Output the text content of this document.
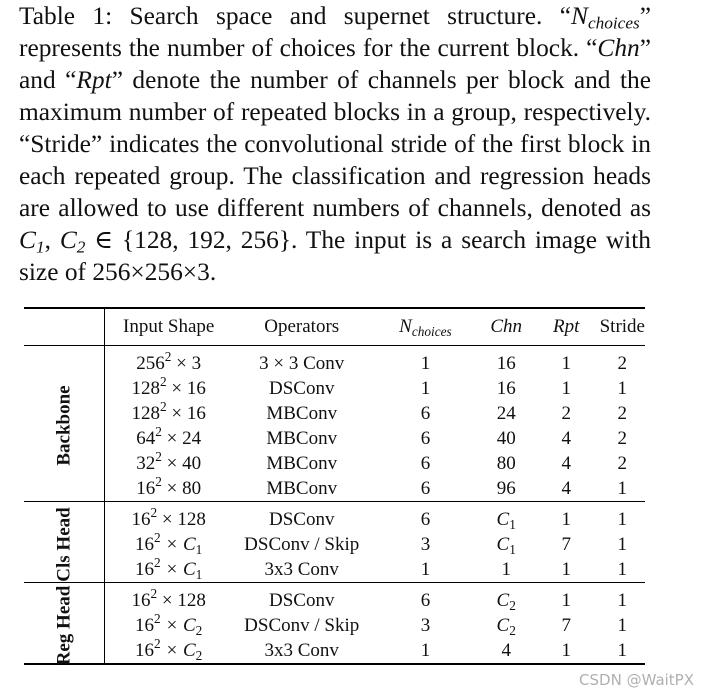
Table 1: Search space and supernet structure. “$N_{choices}$” represents the number of choices for the current block. “Chn” and “Rpt” denote the number of channels per block and the maximum number of repeated blocks in a group, respectively. “Stride” indicates the convolutional stride of the first block in each repeated group. The classification and regression heads are allowed to use different numbers of channels, denoted as $C_1$, $C_2$ ∈ {128, 192, 256}. The input is a search image with size of 256×256×3.

	Input Shape	Operators	$N_{choices}$	Chn	Rpt	Stride
Backbone	$256^2 \times 3$	3 × 3 Conv	1	16	1	2
	$128^2 \times 16$	DSConv	1	16	1	1
	$128^2 \times 16$	MBConv	6	24	2	2
	$64^2 \times 24$	MBConv	6	40	4	2
	$32^2 \times 40$	MBConv	6	80	4	2
	$16^2 \times 80$	MBConv	6	96	4	1
Cls Head	$16^2 \times 128$	DSConv	6	$C_1$	1	1
	$16^2 \times C_1$	DSConv / Skip	3	$C_1$	7	1
	$16^2 \times C_1$	3x3 Conv	1	1	1	1
Reg Head	$16^2 \times 128$	DSConv	6	$C_2$	1	1
	$16^2 \times C_2$	DSConv / Skip	3	$C_2$	7	1
	$16^2 \times C_2$	3x3 Conv	1	4	1	1
CSDN @WaitPX
